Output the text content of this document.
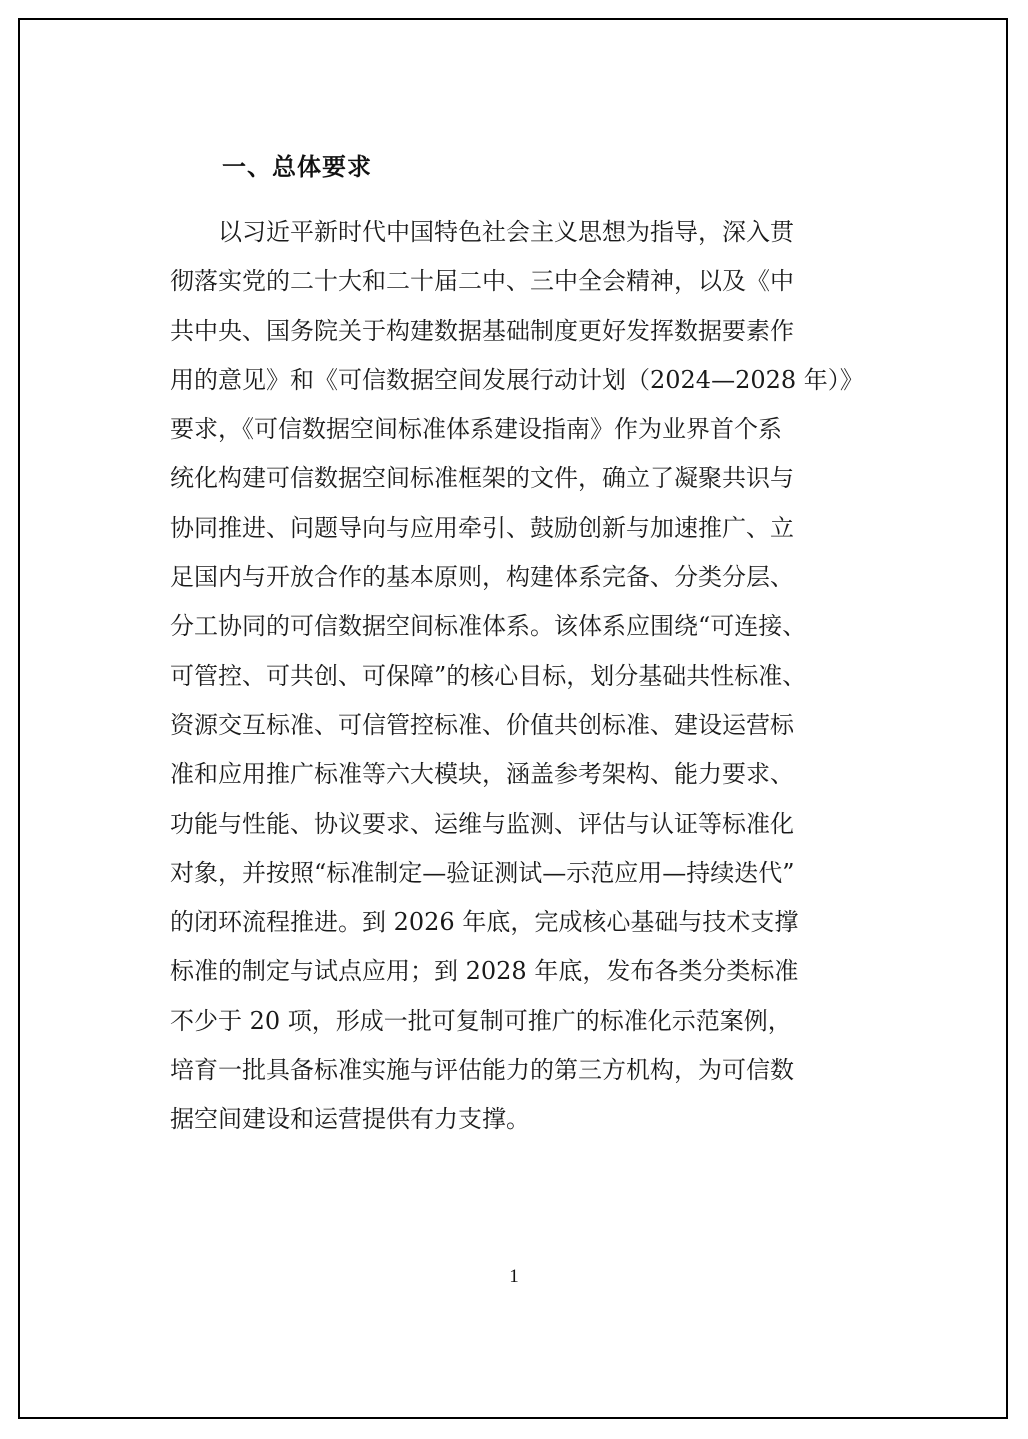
一、总体要求
　　以习近平新时代中国特色社会主义思想为指导，深入贯
彻落实党的二十大和二十届二中、三中全会精神，以及《中
共中央、国务院关于构建数据基础制度更好发挥数据要素作
用的意见》和《可信数据空间发展行动计划（2024—2028 年）》
要求，《可信数据空间标准体系建设指南》作为业界首个系
统化构建可信数据空间标准框架的文件，确立了凝聚共识与
协同推进、问题导向与应用牵引、鼓励创新与加速推广、立
足国内与开放合作的基本原则，构建体系完备、分类分层、
分工协同的可信数据空间标准体系。该体系应围绕“可连接、
可管控、可共创、可保障”的核心目标，划分基础共性标准、
资源交互标准、可信管控标准、价值共创标准、建设运营标
准和应用推广标准等六大模块，涵盖参考架构、能力要求、
功能与性能、协议要求、运维与监测、评估与认证等标准化
对象，并按照“标准制定—验证测试—示范应用—持续迭代”
的闭环流程推进。到 2026 年底，完成核心基础与技术支撑
标准的制定与试点应用；到 2028 年底，发布各类分类标准
不少于 20 项，形成一批可复制可推广的标准化示范案例，
培育一批具备标准实施与评估能力的第三方机构，为可信数
据空间建设和运营提供有力支撑。
1
